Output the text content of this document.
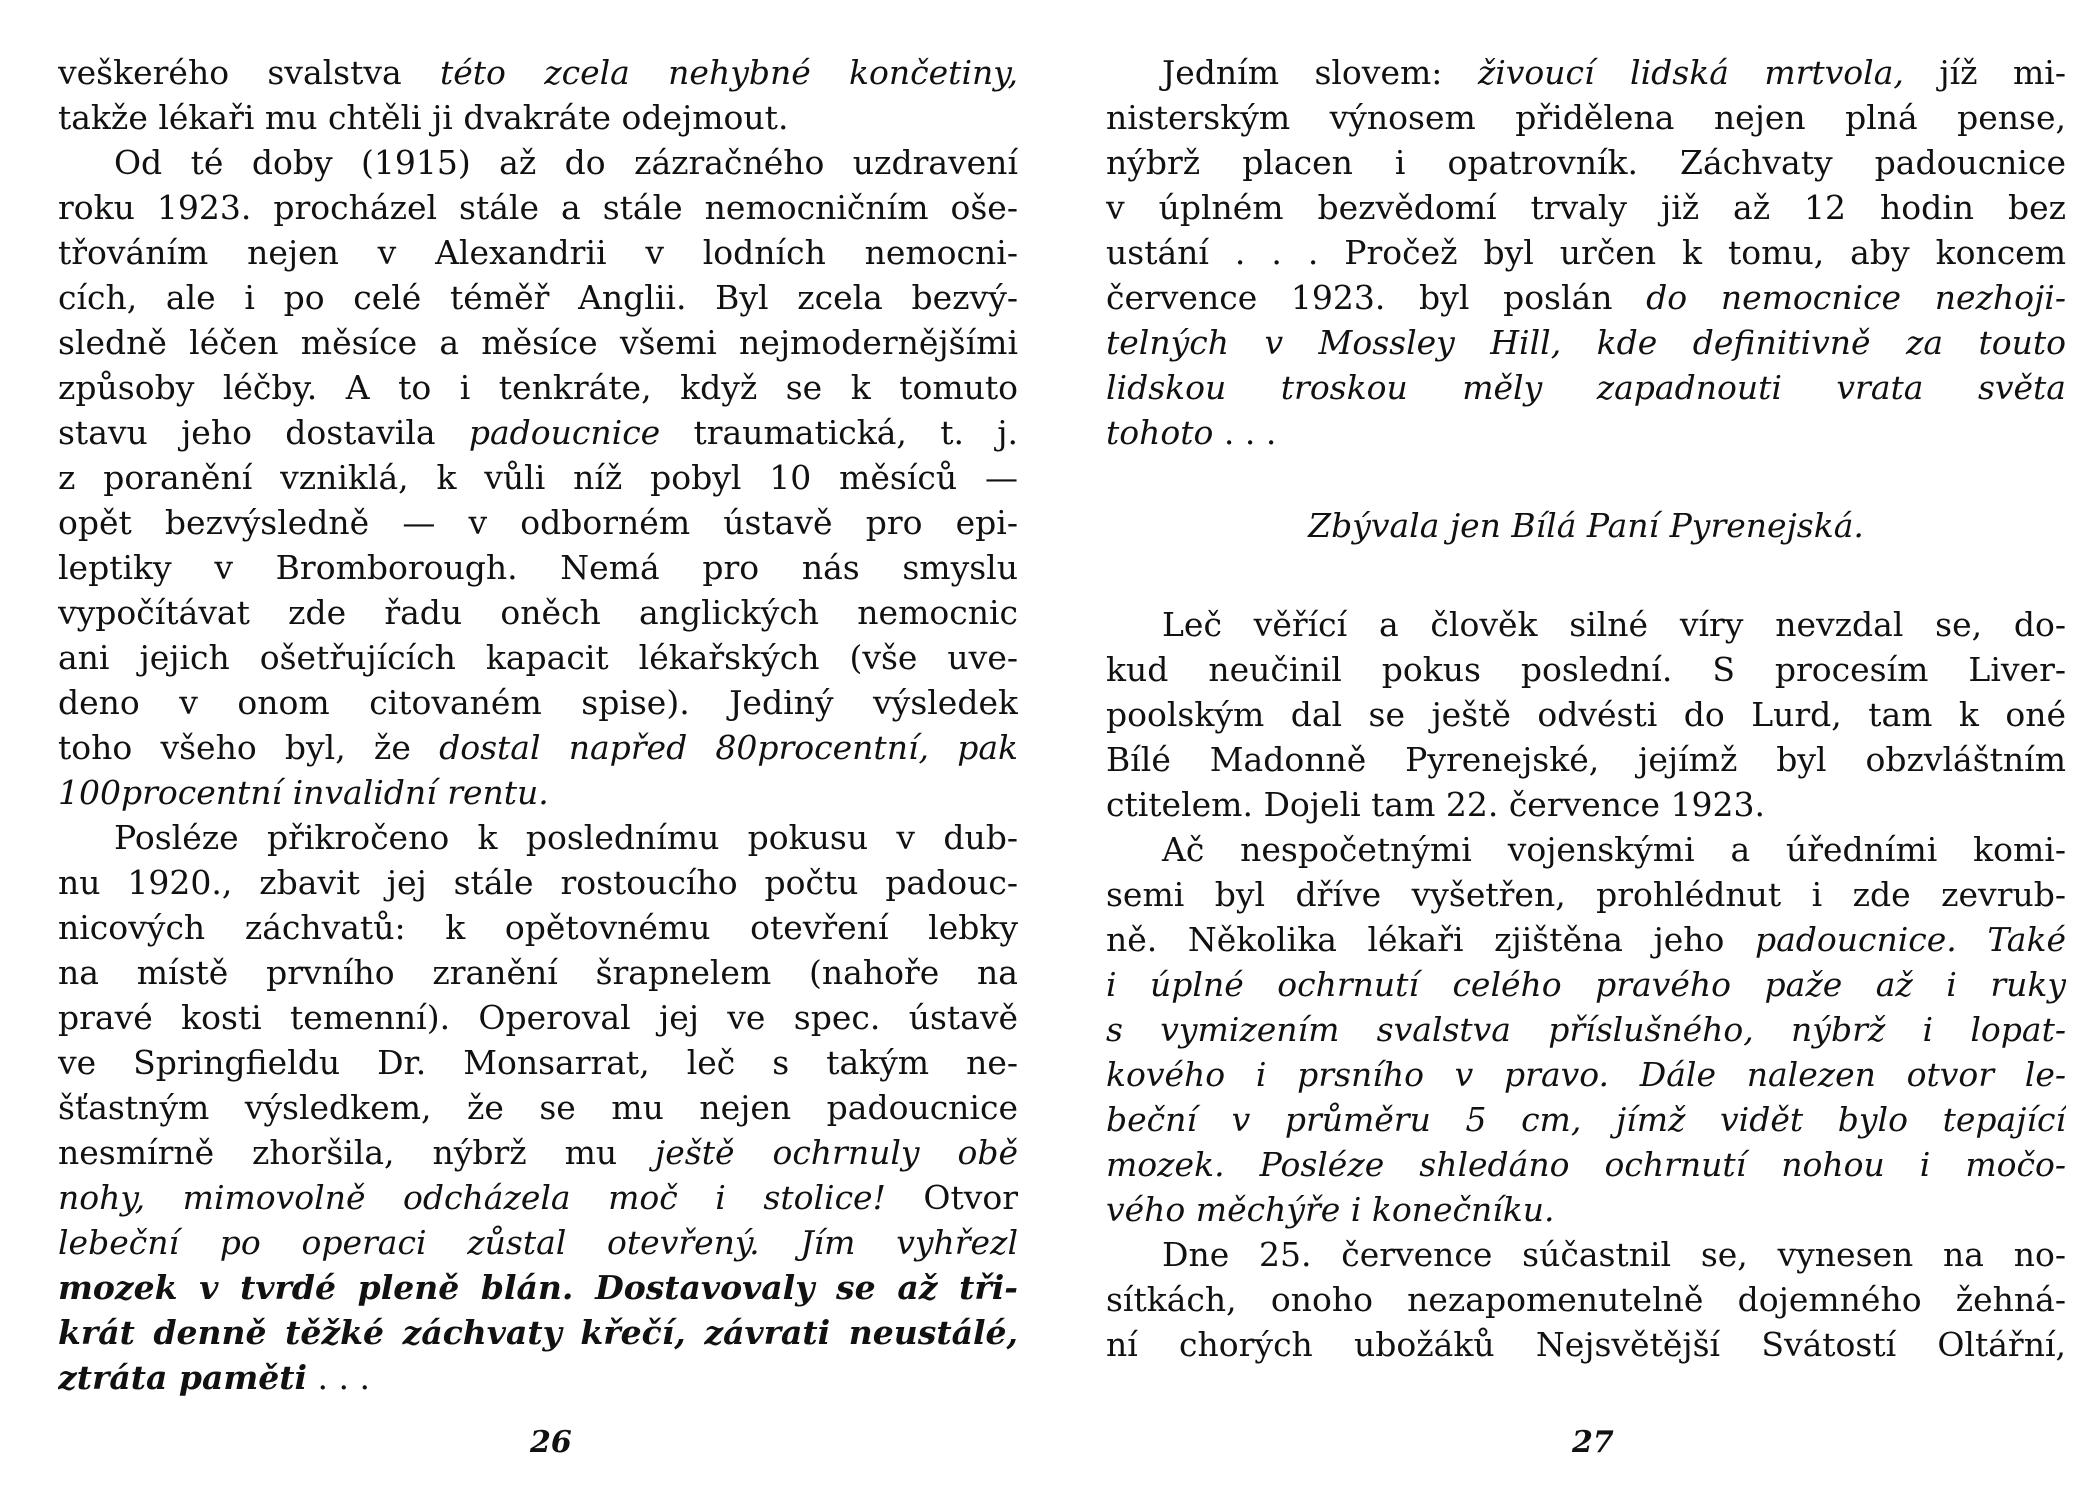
veškerého svalstva této zcela nehybné končetiny,
takže lékaři mu chtěli ji dvakráte odejmout.
Od té doby (1915) až do zázračného uzdravení
roku 1923. procházel stále a stále nemocničním oše-
třováním nejen v Alexandrii v lodních nemocni-
cích, ale i po celé téměř Anglii. Byl zcela bezvý-
sledně léčen měsíce a měsíce všemi nejmodernějšími
způsoby léčby. A to i tenkráte, když se k tomuto
stavu jeho dostavila padoucnice traumatická, t. j.
z poranění vzniklá, k vůli níž pobyl 10 měsíců —
opět bezvýsledně — v odborném ústavě pro epi-
leptiky v Bromborough. Nemá pro nás smyslu
vypočítávat zde řadu oněch anglických nemocnic
ani jejich ošetřujících kapacit lékařských (vše uve-
deno v onom citovaném spise). Jediný výsledek
toho všeho byl, že dostal napřed 80procentní, pak
100procentní invalidní rentu.
Posléze přikročeno k poslednímu pokusu v dub-
nu 1920., zbavit jej stále rostoucího počtu padouc-
nicových záchvatů: k opětovnému otevření lebky
na místě prvního zranění šrapnelem (nahoře na
pravé kosti temenní). Operoval jej ve spec. ústavě
ve Springfieldu Dr. Monsarrat, leč s takým ne-
šťastným výsledkem, že se mu nejen padoucnice
nesmírně zhoršila, nýbrž mu ještě ochrnuly obě
nohy, mimovolně odcházela moč i stolice! Otvor
lebeční po operaci zůstal otevřený. Jím vyhřezl
mozek v tvrdé pleně blán. Dostavovaly se až tři-
krát denně těžké záchvaty křečí, závrati neustálé,
ztráta paměti . . .
26
Jedním slovem: živoucí lidská mrtvola, jíž mi-
nisterským výnosem přidělena nejen plná pense,
nýbrž placen i opatrovník. Záchvaty padoucnice
v úplném bezvědomí trvaly již až 12 hodin bez
ustání . . . Pročež byl určen k tomu, aby koncem
července 1923. byl poslán do nemocnice nezhoji-
telných v Mossley Hill, kde definitivně za touto
lidskou troskou měly zapadnouti vrata světa
tohoto . . .
Zbývala jen Bílá Paní Pyrenejská.
Leč věřící a člověk silné víry nevzdal se, do-
kud neučinil pokus poslední. S procesím Liver-
poolským dal se ještě odvésti do Lurd, tam k oné
Bílé Madonně Pyrenejské, jejímž byl obzvláštním
ctitelem. Dojeli tam 22. července 1923.
Ač nespočetnými vojenskými a úředními komi-
semi byl dříve vyšetřen, prohlédnut i zde zevrub-
ně. Několika lékaři zjištěna jeho padoucnice. Také
i úplné ochrnutí celého pravého paže až i ruky
s vymizením svalstva příslušného, nýbrž i lopat-
kového i prsního v pravo. Dále nalezen otvor le-
beční v průměru 5 cm, jímž vidět bylo tepající
mozek. Posléze shledáno ochrnutí nohou i močo-
vého měchýře i konečníku.
Dne 25. července súčastnil se, vynesen na no-
sítkách, onoho nezapomenutelně dojemného žehná-
ní chorých ubožáků Nejsvětější Svátostí Oltářní,
27
